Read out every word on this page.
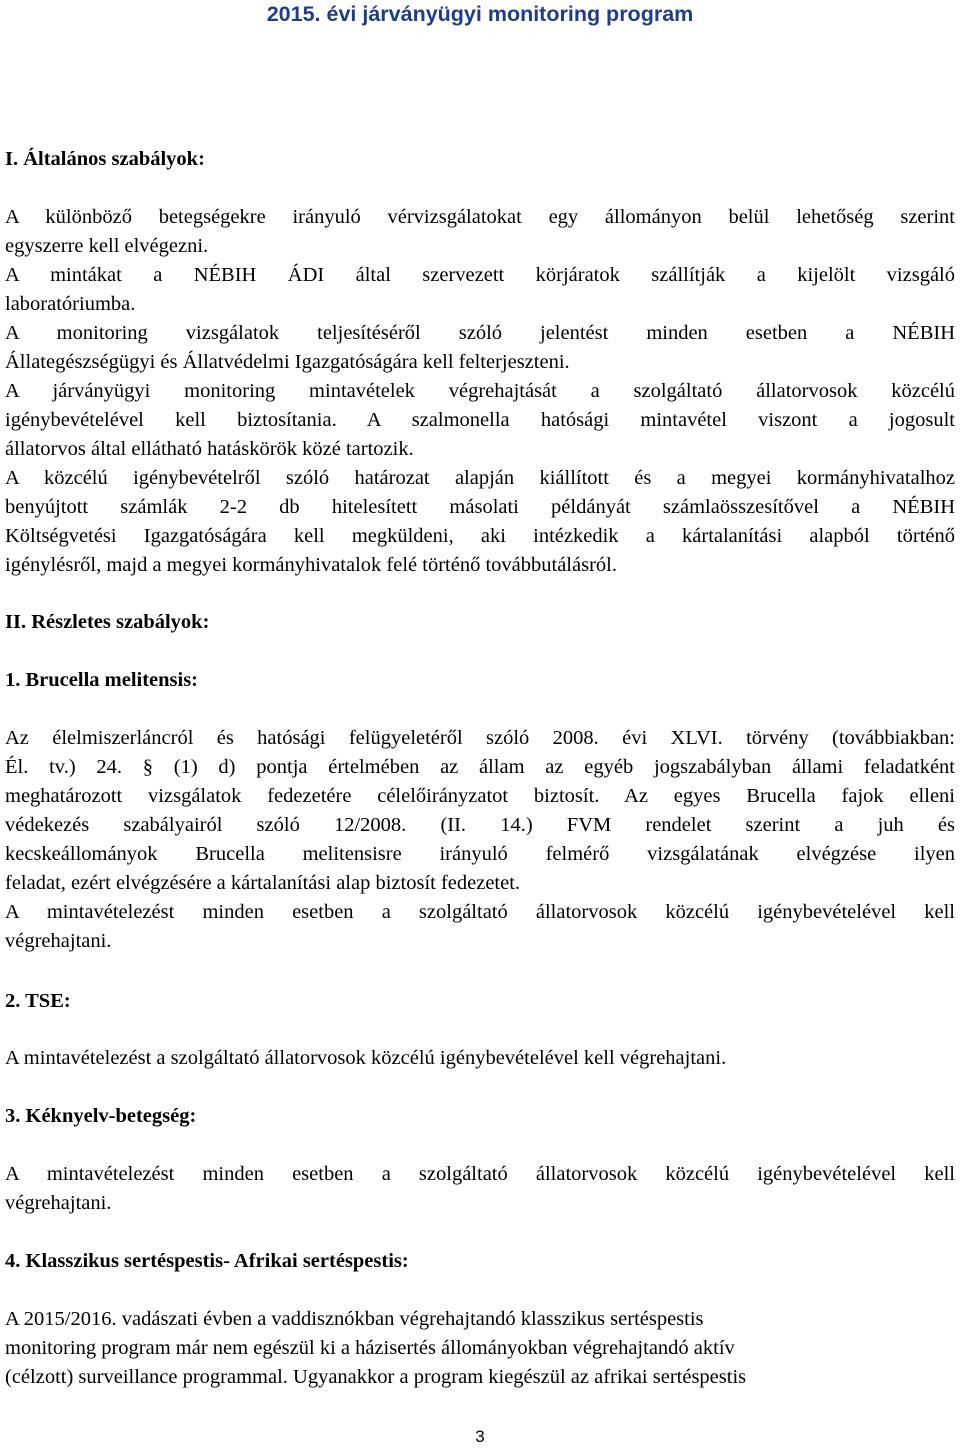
2015. évi járványügyi monitoring program
I. Általános szabályok:
A különböző betegségekre irányuló vérvizsgálatokat egy állományon belül lehetőség szerint
egyszerre kell elvégezni.
A mintákat a NÉBIH ÁDI által szervezett körjáratok szállítják a kijelölt vizsgáló
laboratóriumba.
A monitoring vizsgálatok teljesítéséről szóló jelentést minden esetben a NÉBIH
Állategészségügyi és Állatvédelmi Igazgatóságára kell felterjeszteni.
A járványügyi monitoring mintavételek végrehajtását a szolgáltató állatorvosok közcélú
igénybevételével kell biztosítania. A szalmonella hatósági mintavétel viszont a jogosult
állatorvos által ellátható hatáskörök közé tartozik.
A közcélú igénybevételről szóló határozat alapján kiállított és a megyei kormányhivatalhoz
benyújtott számlák 2-2 db hitelesített másolati példányát számlaösszesítővel a NÉBIH
Költségvetési Igazgatóságára kell megküldeni, aki intézkedik a kártalanítási alapból történő
igénylésről, majd a megyei kormányhivatalok felé történő továbbutálásról.
II. Részletes szabályok:
1. Brucella melitensis:
Az élelmiszerláncról és hatósági felügyeletéről szóló 2008. évi XLVI. törvény (továbbiakban:
Él. tv.) 24. § (1) d) pontja értelmében az állam az egyéb jogszabályban állami feladatként
meghatározott vizsgálatok fedezetére célelőirányzatot biztosít. Az egyes Brucella fajok elleni
védekezés szabályairól szóló 12/2008. (II. 14.) FVM rendelet szerint a juh és
kecskeállományok Brucella melitensisre irányuló felmérő vizsgálatának elvégzése ilyen
feladat, ezért elvégzésére a kártalanítási alap biztosít fedezetet.
A mintavételezést minden esetben a szolgáltató állatorvosok közcélú igénybevételével kell
végrehajtani.
2. TSE:
A mintavételezést a szolgáltató állatorvosok közcélú igénybevételével kell végrehajtani.
3. Kéknyelv-betegség:
A mintavételezést minden esetben a szolgáltató állatorvosok közcélú igénybevételével kell
végrehajtani.
4. Klasszikus sertéspestis- Afrikai sertéspestis:
A 2015/2016. vadászati évben a vaddisznókban végrehajtandó klasszikus sertéspestis
monitoring program már nem egészül ki a házisertés állományokban végrehajtandó aktív
(célzott) surveillance programmal. Ugyanakkor a program kiegészül az afrikai sertéspestis
3
